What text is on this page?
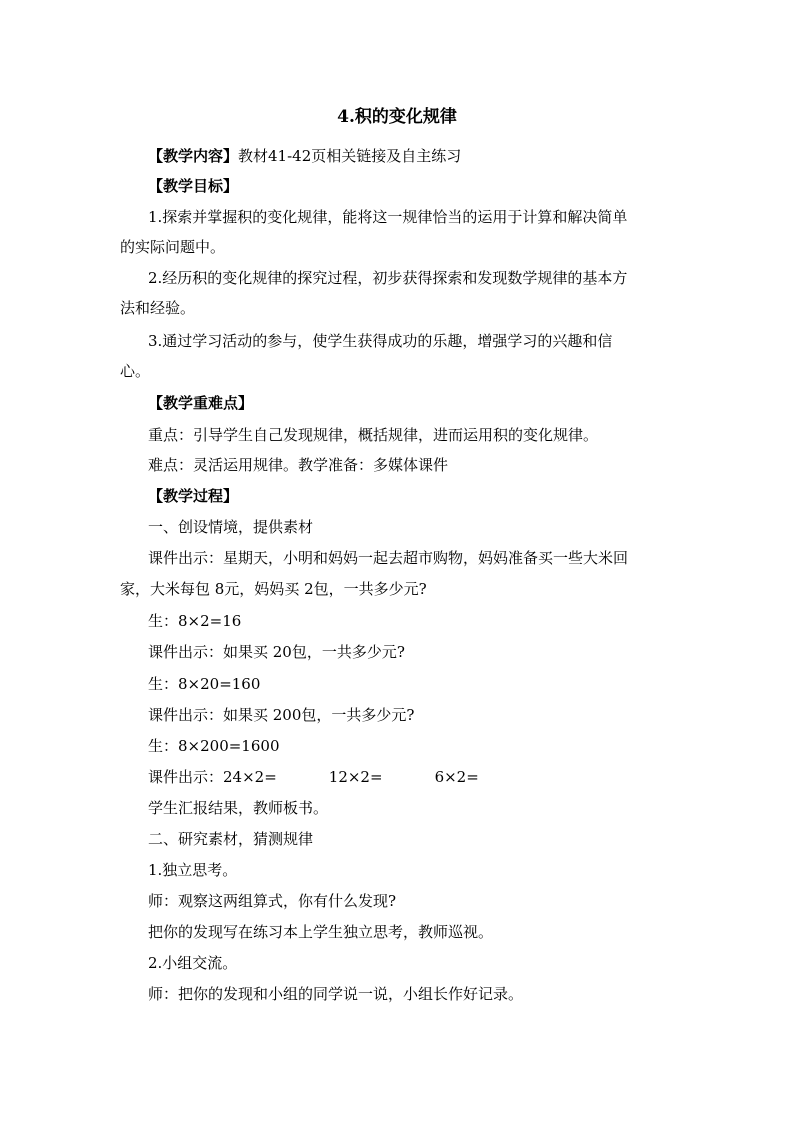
4.积的变化规律
【教学内容】教材41-42页相关链接及自主练习
【教学目标】
1.探索并掌握积的变化规律，能将这一规律恰当的运用于计算和解决简单
的实际问题中。
2.经历积的变化规律的探究过程，初步获得探索和发现数学规律的基本方
法和经验。
3.通过学习活动的参与，使学生获得成功的乐趣，增强学习的兴趣和信
心。
【教学重难点】
重点：引导学生自己发现规律，概括规律，进而运用积的变化规律。
难点：灵活运用规律。教学准备：多媒体课件
【教学过程】
一、创设情境，提供素材
课件出示：星期天，小明和妈妈一起去超市购物，妈妈准备买一些大米回
家，大米每包 8元，妈妈买 2包，一共多少元?
生：8×2=16
课件出示：如果买 20包，一共多少元?
生：8×20=160
课件出示：如果买 200包，一共多少元?
生：8×200=1600
课件出示：24×2=	12×2=	6×2=
学生汇报结果，教师板书。
二、研究素材，猜测规律
1.独立思考。
师：观察这两组算式，你有什么发现?
把你的发现写在练习本上学生独立思考，教师巡视。
2.小组交流。
师：把你的发现和小组的同学说一说，小组长作好记录。
